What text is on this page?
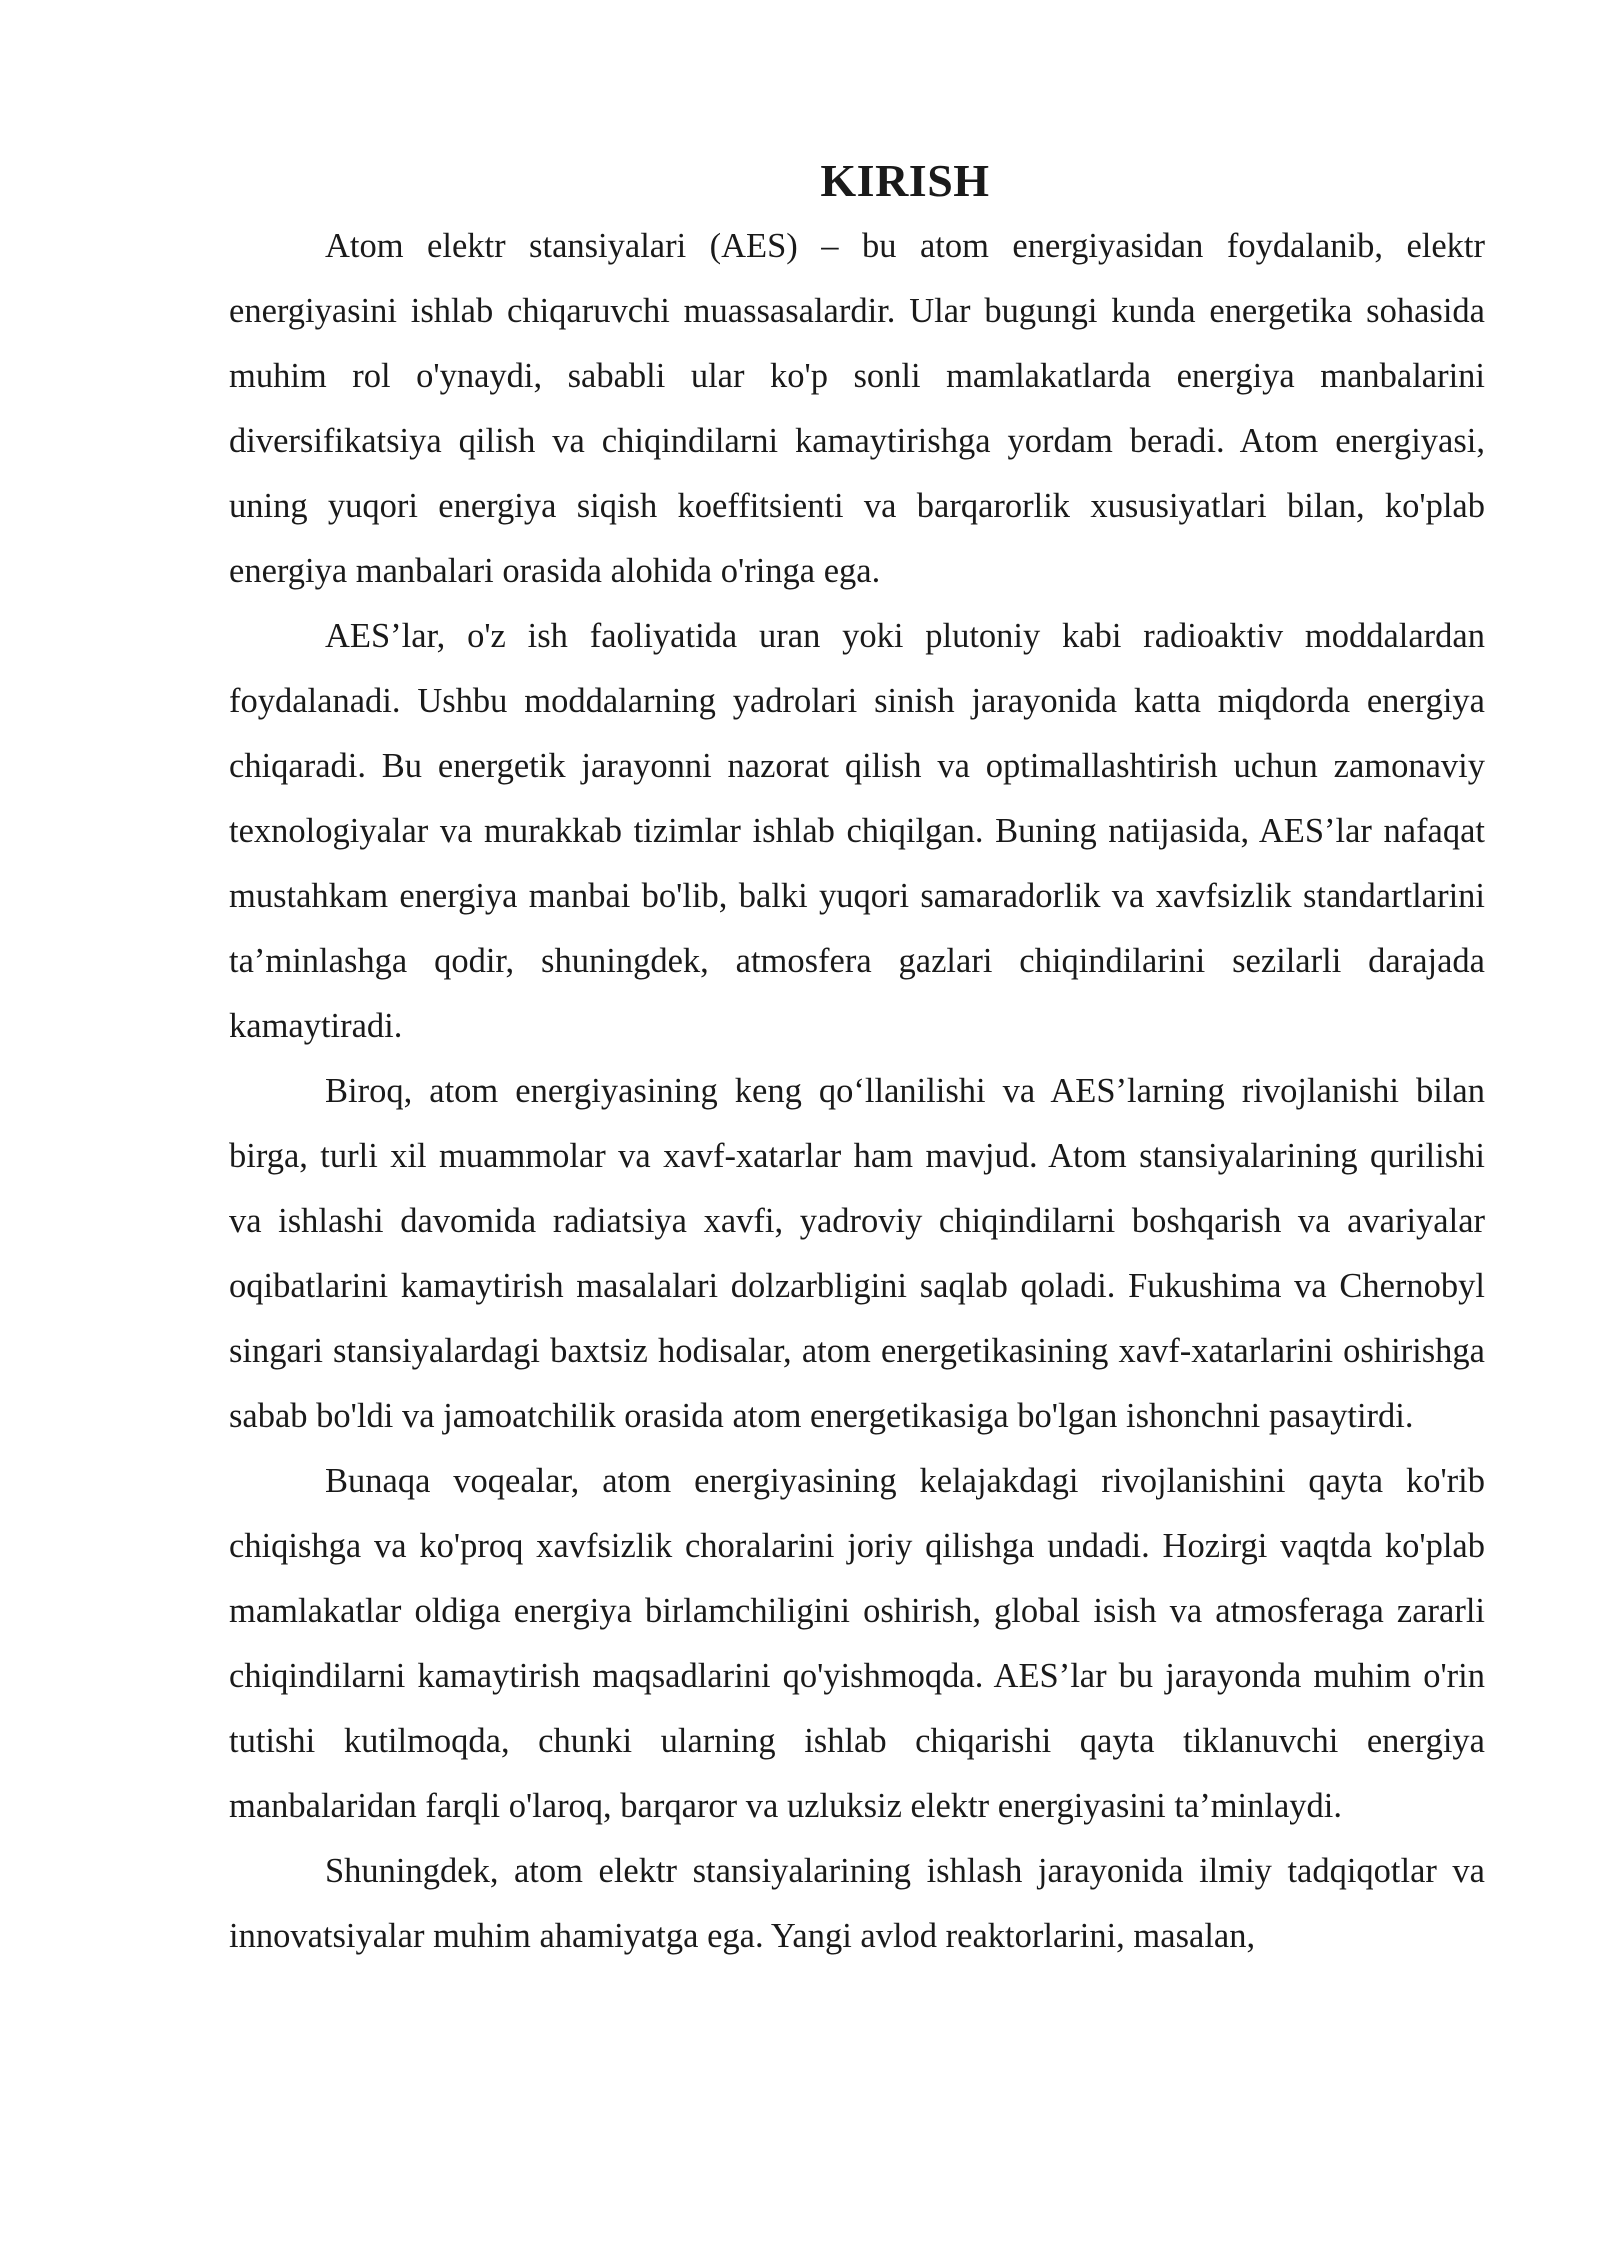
KIRISH

Atom elektr stansiyalari (AES) – bu atom energiyasidan foydalanib, elektr energiyasini ishlab chiqaruvchi muassasalardir. Ular bugungi kunda energetika sohasida muhim rol o'ynaydi, sababli ular ko'p sonli mamlakatlarda energiya manbalarini diversifikatsiya qilish va chiqindilarni kamaytirishga yordam beradi. Atom energiyasi, uning yuqori energiya siqish koeffitsienti va barqarorlik xususiyatlari bilan, ko'plab energiya manbalari orasida alohida o'ringa ega.

AES’lar, o'z ish faoliyatida uran yoki plutoniy kabi radioaktiv moddalardan foydalanadi. Ushbu moddalarning yadrolari sinish jarayonida katta miqdorda energiya chiqaradi. Bu energetik jarayonni nazorat qilish va optimallashtirish uchun zamonaviy texnologiyalar va murakkab tizimlar ishlab chiqilgan. Buning natijasida, AES’lar nafaqat mustahkam energiya manbai bo'lib, balki yuqori samaradorlik va xavfsizlik standartlarini ta’minlashga qodir, shuningdek, atmosfera gazlari chiqindilarini sezilarli darajada kamaytiradi.

Biroq, atom energiyasining keng qo‘llanilishi va AES’larning rivojlanishi bilan birga, turli xil muammolar va xavf-xatarlar ham mavjud. Atom stansiyalarining qurilishi va ishlashi davomida radiatsiya xavfi, yadroviy chiqindilarni boshqarish va avariyalar oqibatlarini kamaytirish masalalari dolzarbligini saqlab qoladi. Fukushima va Chernobyl singari stansiyalardagi baxtsiz hodisalar, atom energetikasining xavf-xatarlarini oshirishga sabab bo'ldi va jamoatchilik orasida atom energetikasiga bo'lgan ishonchni pasaytirdi.

Bunaqa voqealar, atom energiyasining kelajakdagi rivojlanishini qayta ko'rib chiqishga va ko'proq xavfsizlik choralarini joriy qilishga undadi. Hozirgi vaqtda ko'plab mamlakatlar oldiga energiya birlamchiligini oshirish, global isish va atmosferaga zararli chiqindilarni kamaytirish maqsadlarini qo'yishmoqda. AES’lar bu jarayonda muhim o'rin tutishi kutilmoqda, chunki ularning ishlab chiqarishi qayta tiklanuvchi energiya manbalaridan farqli o'laroq, barqaror va uzluksiz elektr energiyasini ta’minlaydi.

Shuningdek, atom elektr stansiyalarining ishlash jarayonida ilmiy tadqiqotlar va innovatsiyalar muhim ahamiyatga ega. Yangi avlod reaktorlarini, masalan,
